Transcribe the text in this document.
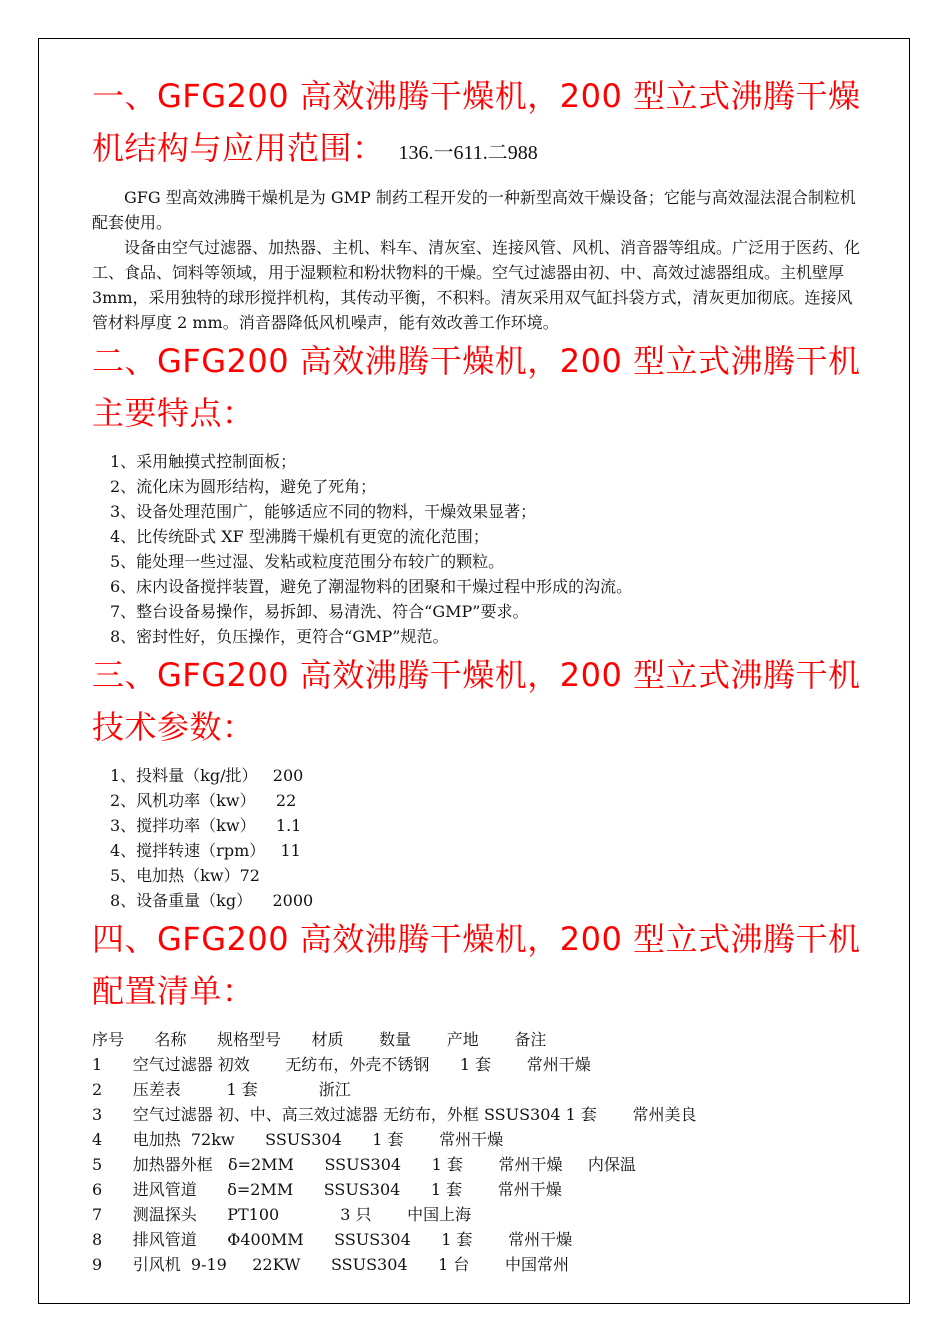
一、GFG200 高效沸腾干燥机，200 型立式沸腾干燥
机结构与应用范围： 136.一611.二988

GFG 型高效沸腾干燥机是为 GMP 制药工程开发的一种新型高效干燥设备；它能与高效湿法混合制粒机配套使用。

设备由空气过滤器、加热器、主机、料车、清灰室、连接风管、风机、消音器等组成。广泛用于医药、化工、食品、饲料等领域，用于湿颗粒和粉状物料的干燥。空气过滤器由初、中、高效过滤器组成。主机壁厚 3mm，采用独特的球形搅拌机构，其传动平衡，不积料。清灰采用双气缸抖袋方式，清灰更加彻底。连接风管材料厚度 2 mm。消音器降低风机噪声，能有效改善工作环境。

二、GFG200 高效沸腾干燥机，200 型立式沸腾干机
主要特点：
1、采用触摸式控制面板；
2、流化床为圆形结构，避免了死角；
3、设备处理范围广，能够适应不同的物料，干燥效果显著；
4、比传统卧式 XF 型沸腾干燥机有更宽的流化范围；
5、能处理一些过湿、发粘或粒度范围分布较广的颗粒。
6、床内设备搅拌装置，避免了潮湿物料的团聚和干燥过程中形成的沟流。
7、整台设备易操作，易拆卸、易清洗、符合“GMP”要求。
8、密封性好，负压操作，更符合“GMP”规范。
三、GFG200 高效沸腾干燥机，200 型立式沸腾干机
技术参数：
1、投料量（kg/批）   200
2、风机功率（kw）    22
3、搅拌功率（kw）    1.1
4、搅拌转速（rpm）   11
5、电加热（kw）72
8、设备重量（kg）    2000
四、GFG200 高效沸腾干燥机，200 型立式沸腾干机
配置清单：
序号      名称      规格型号      材质       数量       产地       备注
1      空气过滤器 初效       无纺布，外壳不锈钢      1 套       常州干燥
2      压差表         1 套            浙江
3      空气过滤器 初、中、高三效过滤器 无纺布，外框 SSUS304 1 套       常州美良
4      电加热  72kw      SSUS304      1 套       常州干燥
5      加热器外框   δ=2MM      SSUS304      1 套       常州干燥     内保温
6      进风管道      δ=2MM      SSUS304      1 套       常州干燥
7      测温探头      PT100            3 只       中国上海
8      排风管道      Φ400MM      SSUS304      1 套       常州干燥
9      引风机  9-19     22KW      SSUS304      1 台       中国常州
